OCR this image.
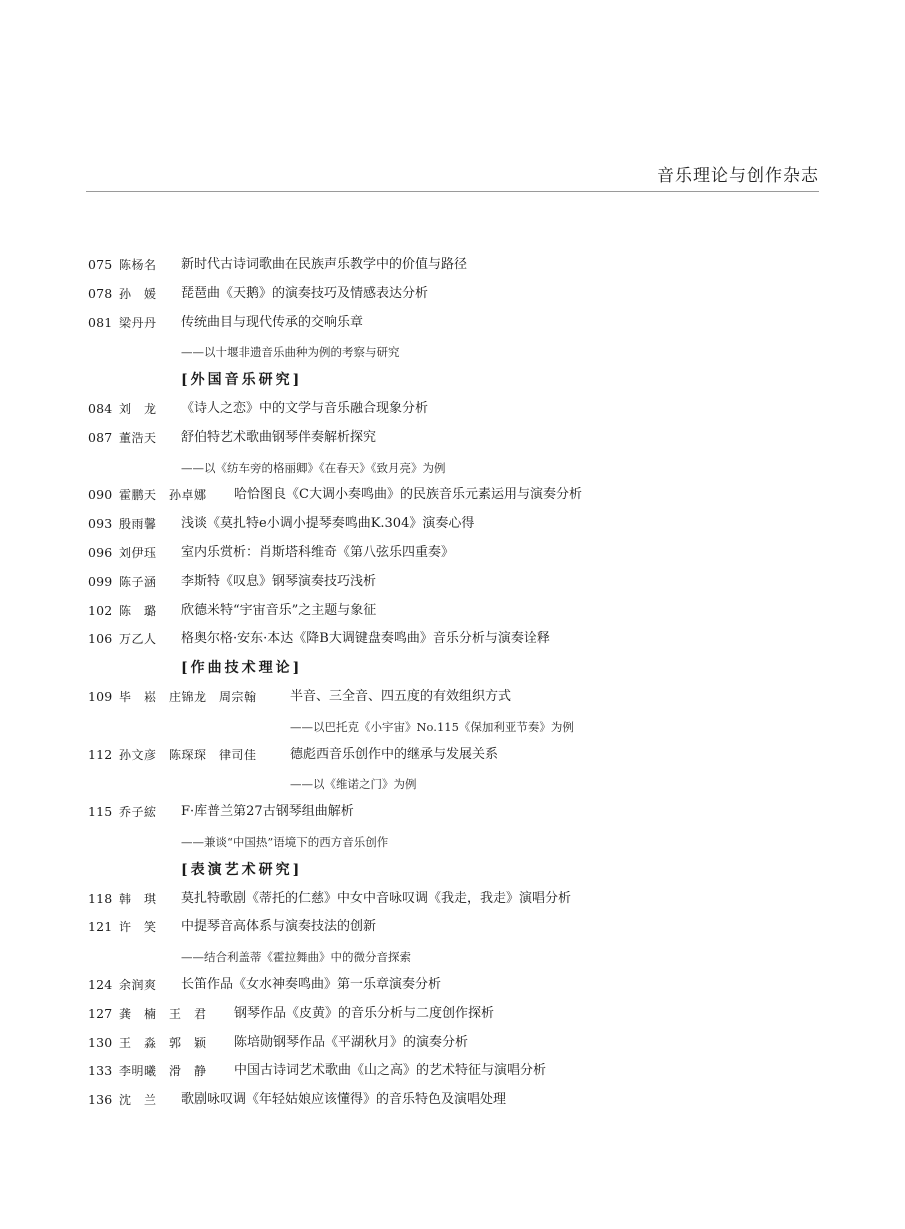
音乐理论与创作杂志
075 陈杨名 新时代古诗词歌曲在民族声乐教学中的价值与路径
078 孙　媛 琵琶曲《天鹅》的演奏技巧及情感表达分析
081 梁丹丹 传统曲目与现代传承的交响乐章
——以十堰非遗音乐曲种为例的考察与研究
[外国音乐研究]
084 刘　龙 《诗人之恋》中的文学与音乐融合现象分析
087 董浩天 舒伯特艺术歌曲钢琴伴奏解析探究
——以《纺车旁的格丽卿》《在春天》《致月亮》为例
090 霍鹏天　孙卓娜 哈恰图良《C大调小奏鸣曲》的民族音乐元素运用与演奏分析
093 殷雨馨 浅谈《莫扎特e小调小提琴奏鸣曲K.304》演奏心得
096 刘伊珏 室内乐赏析：肖斯塔科维奇《第八弦乐四重奏》
099 陈子涵 李斯特《叹息》钢琴演奏技巧浅析
102 陈　璐 欣德米特“宇宙音乐”之主题与象征
106 万乙人 格奥尔格·安东·本达《降B大调键盘奏鸣曲》音乐分析与演奏诠释
[作曲技术理论]
109 毕　崧　庄锦龙　周宗翰	半音、三全音、四五度的有效组织方式
——以巴托克《小宇宙》No.115《保加利亚节奏》为例
112 孙文彦　陈琛琛　律司佳	德彪西音乐创作中的继承与发展关系
——以《维诺之门》为例
115 乔子綋 F·库普兰第27古钢琴组曲解析
——兼谈“中国热”语境下的西方音乐创作
[表演艺术研究]
118 韩　琪 莫扎特歌剧《蒂托的仁慈》中女中音咏叹调《我走，我走》演唱分析
121 许　笑 中提琴音高体系与演奏技法的创新
——结合利盖蒂《霍拉舞曲》中的微分音探索
124 余润爽 长笛作品《女水神奏鸣曲》第一乐章演奏分析
127 龚　楠　王　君 钢琴作品《皮黄》的音乐分析与二度创作探析
130 王　淼　郭　颖 陈培勋钢琴作品《平湖秋月》的演奏分析
133 李明曦　滑　静 中国古诗词艺术歌曲《山之高》的艺术特征与演唱分析
136 沈　兰 歌剧咏叹调《年轻姑娘应该懂得》的音乐特色及演唱处理
